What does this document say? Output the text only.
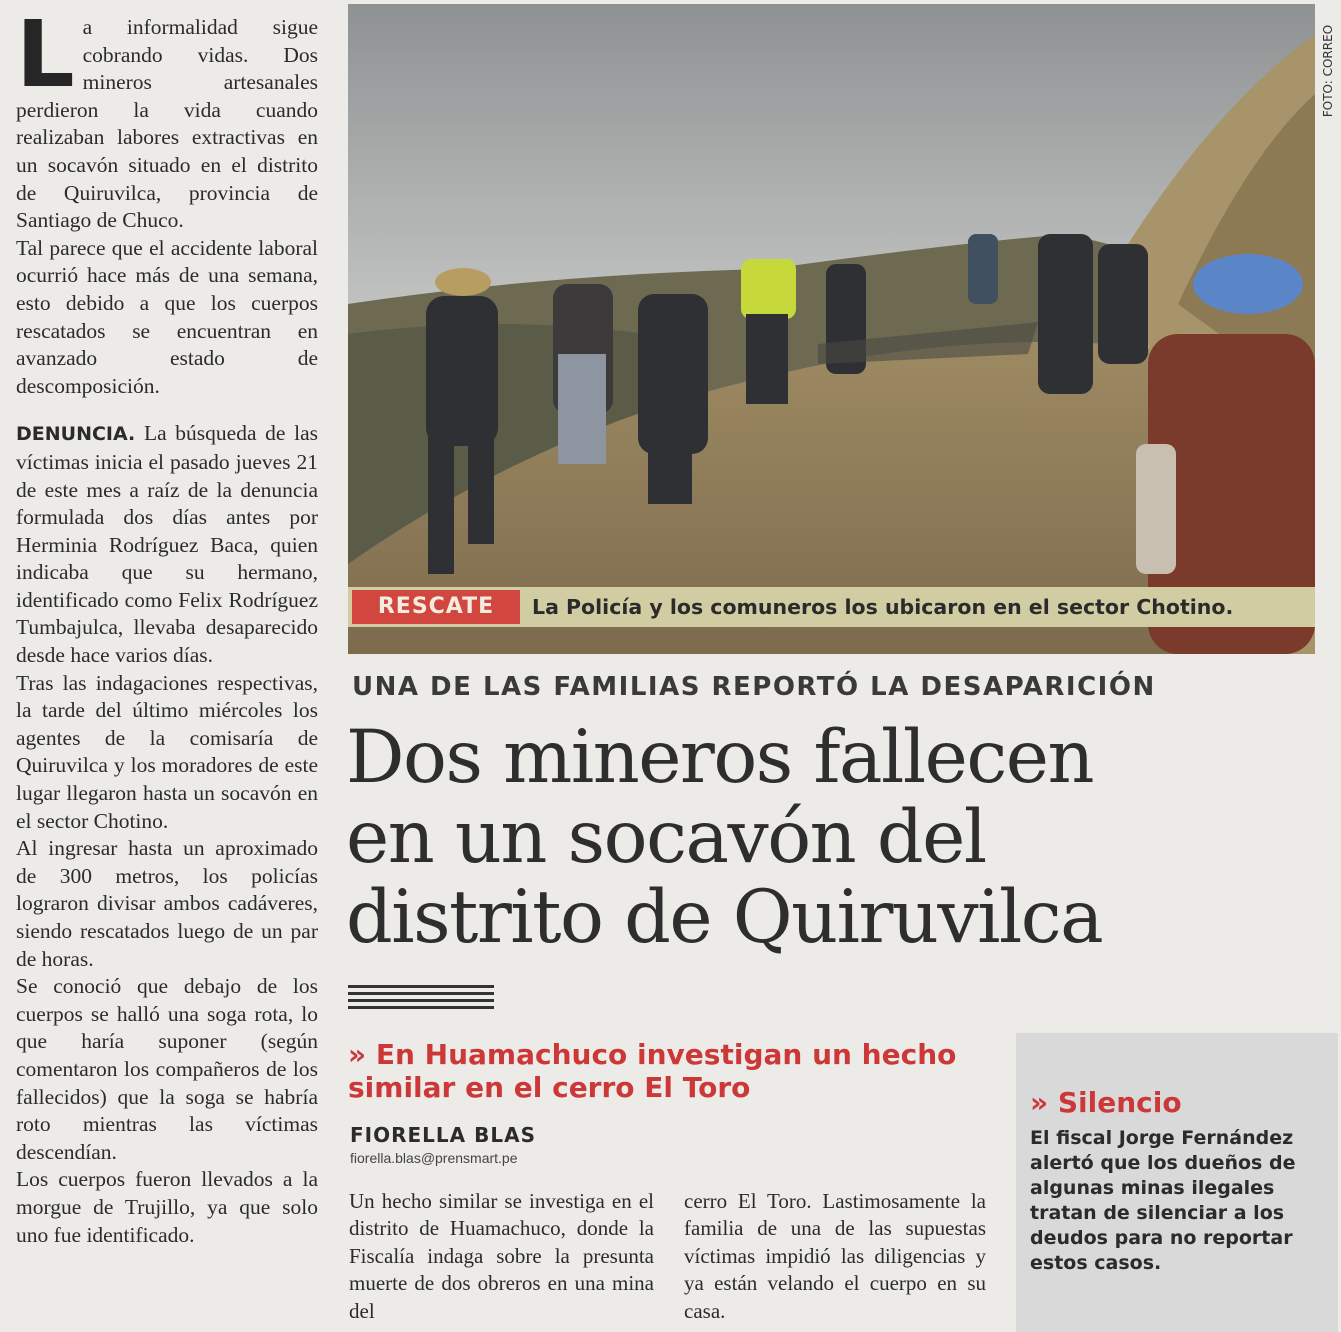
L a informalidad sigue cobrando vidas. Dos mineros artesanales perdieron la vida cuando realizaban labores extractivas en un socavón situado en el distrito de Quiruvilca, provincia de Santiago de Chuco.

Tal parece que el accidente laboral ocurrió hace más de una semana, esto debido a que los cuerpos rescatados se encuentran en avanzado estado de descomposición.

DENUNCIA. La búsqueda de las víctimas inicia el pasado jueves 21 de este mes a raíz de la denuncia formulada dos días antes por Herminia Rodríguez Baca, quien indicaba que su hermano, identificado como Felix Rodríguez Tumbajulca, llevaba desaparecido desde hace varios días.

Tras las indagaciones respectivas, la tarde del último miércoles los agentes de la comisaría de Quiruvilca y los moradores de este lugar llegaron hasta un socavón en el sector Chotino.

Al ingresar hasta un aproximado de 300 metros, los policías lograron divisar ambos cadáveres, siendo rescatados luego de un par de horas.

Se conoció que debajo de los cuerpos se halló una soga rota, lo que haría suponer (según comentaron los compañeros de los fallecidos) que la soga se habría roto mientras las víctimas descendían.

Los cuerpos fueron llevados a la morgue de Trujillo, ya que solo uno fue identificado.

FOTO: CORREO
RESCATE	La Policía y los comuneros los ubicaron en el sector Chotino.
UNA DE LAS FAMILIAS REPORTÓ LA DESAPARICIÓN
Dos mineros fallecen
en un socavón del
distrito de Quiruvilca
» En Huamachuco investigan un hecho similar en el cerro El Toro
FIORELLA BLAS
fiorella.blas@prensmart.pe
Un hecho similar se investiga en el distrito de Huamachuco, donde la Fiscalía indaga sobre la presunta muerte de dos obreros en una mina del
cerro El Toro. Lastimosamente la familia de una de las supuestas víctimas impidió las diligencias y ya están velando el cuerpo en su casa.
» Silencio
El fiscal Jorge Fernández alertó que los dueños de algunas minas ilegales tratan de silenciar a los deudos para no reportar estos casos.
